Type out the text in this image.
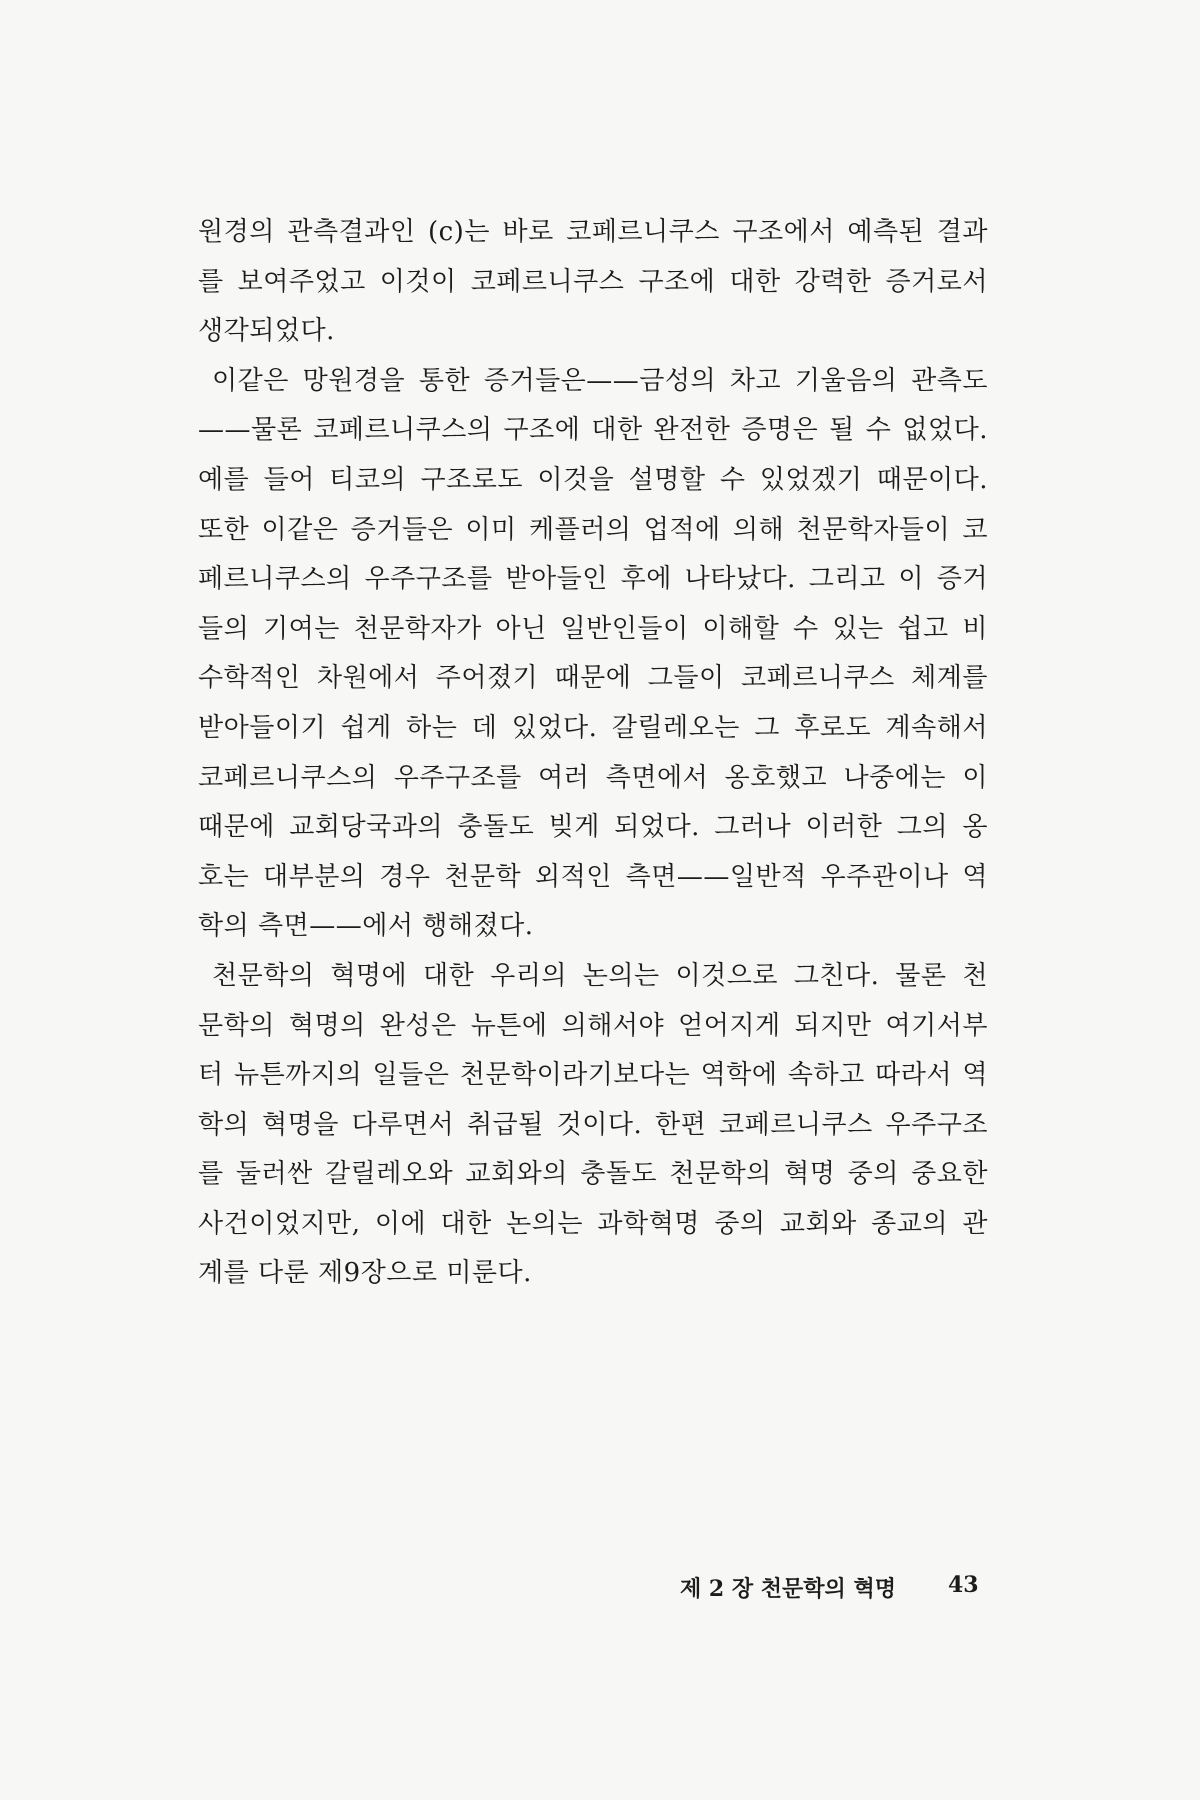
원경의 관측결과인 (c)는 바로 코페르니쿠스 구조에서 예측된 결과
를 보여주었고 이것이 코페르니쿠스 구조에 대한 강력한 증거로서
생각되었다.
이같은 망원경을 통한 증거들은——금성의 차고 기울음의 관측도
——물론 코페르니쿠스의 구조에 대한 완전한 증명은 될 수 없었다.
예를 들어 티코의 구조로도 이것을 설명할 수 있었겠기 때문이다.
또한 이같은 증거들은 이미 케플러의 업적에 의해 천문학자들이 코
페르니쿠스의 우주구조를 받아들인 후에 나타났다. 그리고 이 증거
들의 기여는 천문학자가 아닌 일반인들이 이해할 수 있는 쉽고 비
수학적인 차원에서 주어졌기 때문에 그들이 코페르니쿠스 체계를
받아들이기 쉽게 하는 데 있었다. 갈릴레오는 그 후로도 계속해서
코페르니쿠스의 우주구조를 여러 측면에서 옹호했고 나중에는 이
때문에 교회당국과의 충돌도 빚게 되었다. 그러나 이러한 그의 옹
호는 대부분의 경우 천문학 외적인 측면——일반적 우주관이나 역
학의 측면——에서 행해졌다.
천문학의 혁명에 대한 우리의 논의는 이것으로 그친다. 물론 천
문학의 혁명의 완성은 뉴튼에 의해서야 얻어지게 되지만 여기서부
터 뉴튼까지의 일들은 천문학이라기보다는 역학에 속하고 따라서 역
학의 혁명을 다루면서 취급될 것이다. 한편 코페르니쿠스 우주구조
를 둘러싼 갈릴레오와 교회와의 충돌도 천문학의 혁명 중의 중요한
사건이었지만, 이에 대한 논의는 과학혁명 중의 교회와 종교의 관
계를 다룬 제9장으로 미룬다.
제 2 장 천문학의 혁명 43
